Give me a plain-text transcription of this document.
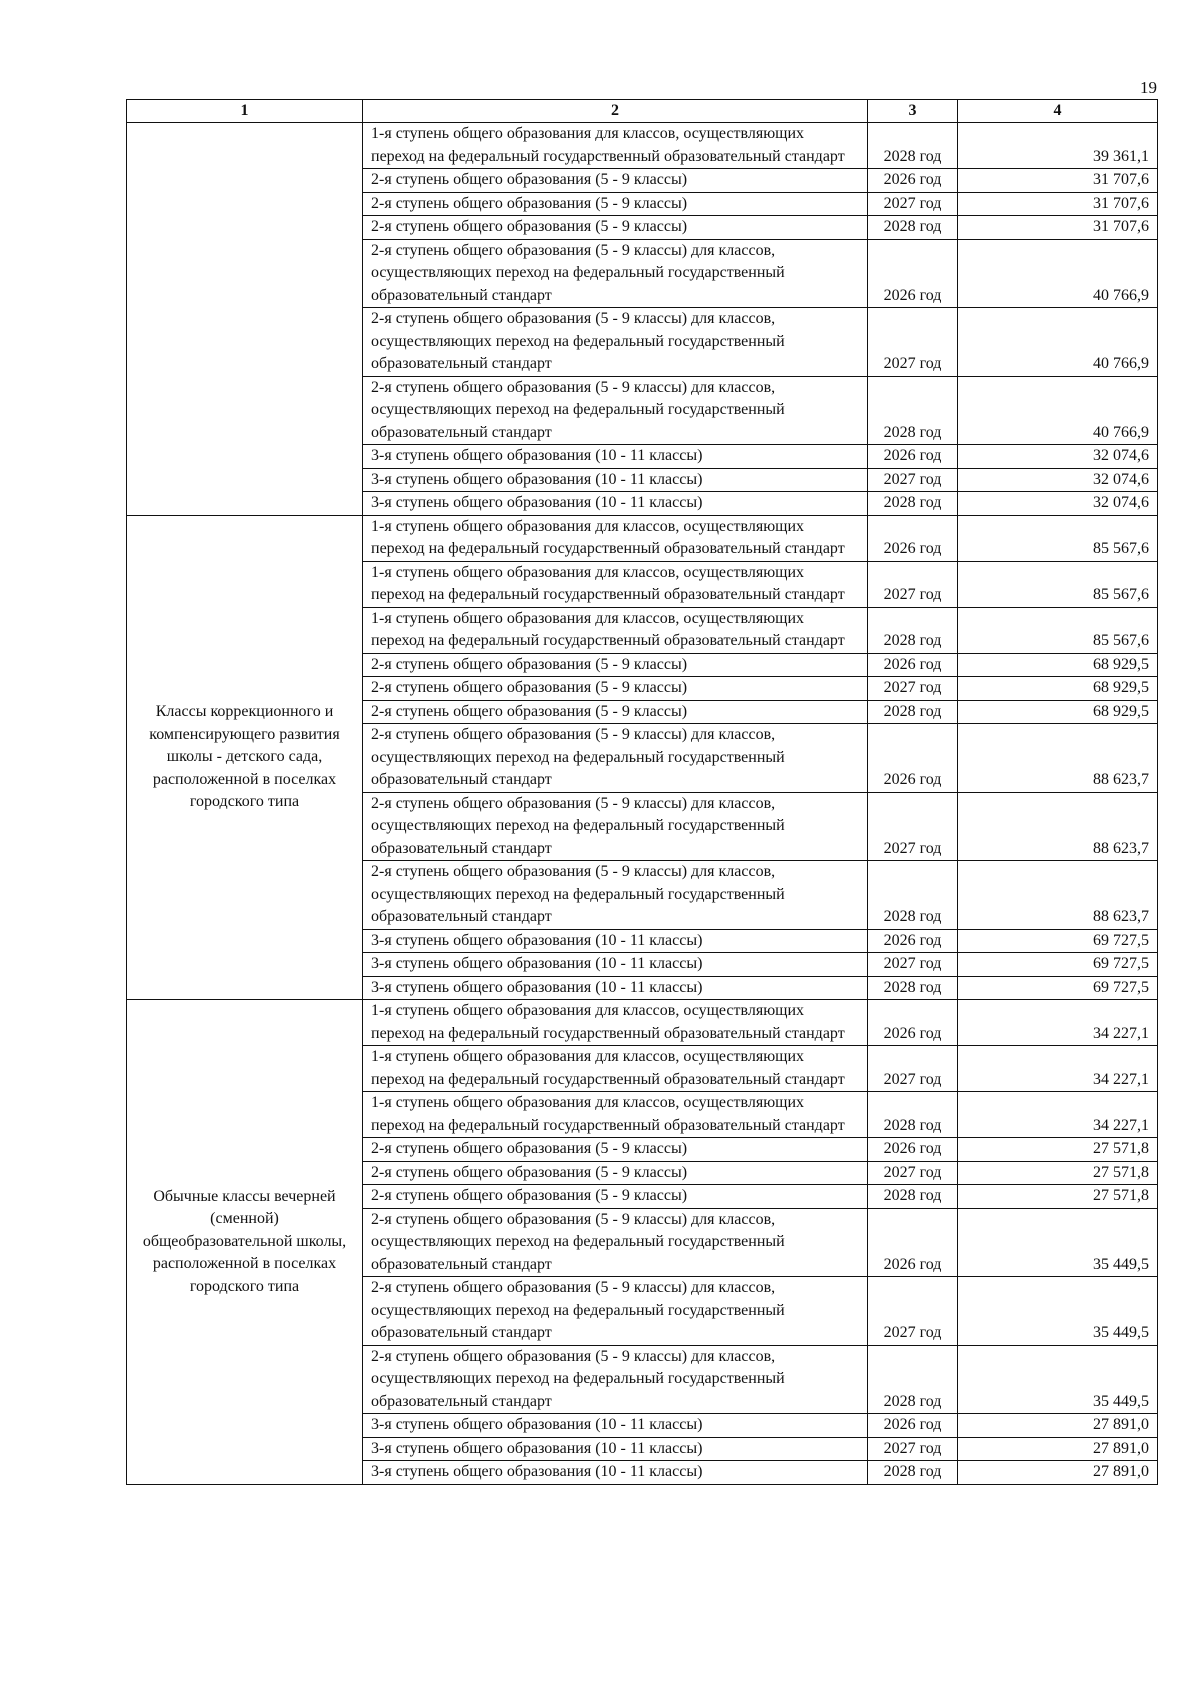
19
1	2	3	4
	1-я ступень общего образования для классов, осуществляющих переход на федеральный государственный образовательный стандарт	2028 год	39 361,1
	2-я ступень общего образования (5 - 9 классы)	2026 год	31 707,6
	2-я ступень общего образования (5 - 9 классы)	2027 год	31 707,6
	2-я ступень общего образования (5 - 9 классы)	2028 год	31 707,6
	2-я ступень общего образования (5 - 9 классы) для классов, осуществляющих переход на федеральный государственный образовательный стандарт	2026 год	40 766,9
	2-я ступень общего образования (5 - 9 классы) для классов, осуществляющих переход на федеральный государственный образовательный стандарт	2027 год	40 766,9
	2-я ступень общего образования (5 - 9 классы) для классов, осуществляющих переход на федеральный государственный образовательный стандарт	2028 год	40 766,9
	3-я ступень общего образования (10 - 11 классы)	2026 год	32 074,6
	3-я ступень общего образования (10 - 11 классы)	2027 год	32 074,6
	3-я ступень общего образования (10 - 11 классы)	2028 год	32 074,6
Классы коррекционного и компенсирующего развития школы - детского сада, расположенной в поселках городского типа	1-я ступень общего образования для классов, осуществляющих переход на федеральный государственный образовательный стандарт	2026 год	85 567,6
	1-я ступень общего образования для классов, осуществляющих переход на федеральный государственный образовательный стандарт	2027 год	85 567,6
	1-я ступень общего образования для классов, осуществляющих переход на федеральный государственный образовательный стандарт	2028 год	85 567,6
	2-я ступень общего образования (5 - 9 классы)	2026 год	68 929,5
	2-я ступень общего образования (5 - 9 классы)	2027 год	68 929,5
	2-я ступень общего образования (5 - 9 классы)	2028 год	68 929,5
	2-я ступень общего образования (5 - 9 классы) для классов, осуществляющих переход на федеральный государственный образовательный стандарт	2026 год	88 623,7
	2-я ступень общего образования (5 - 9 классы) для классов, осуществляющих переход на федеральный государственный образовательный стандарт	2027 год	88 623,7
	2-я ступень общего образования (5 - 9 классы) для классов, осуществляющих переход на федеральный государственный образовательный стандарт	2028 год	88 623,7
	3-я ступень общего образования (10 - 11 классы)	2026 год	69 727,5
	3-я ступень общего образования (10 - 11 классы)	2027 год	69 727,5
	3-я ступень общего образования (10 - 11 классы)	2028 год	69 727,5
Обычные классы вечерней (сменной) общеобразовательной школы, расположенной в поселках городского типа	1-я ступень общего образования для классов, осуществляющих переход на федеральный государственный образовательный стандарт	2026 год	34 227,1
	1-я ступень общего образования для классов, осуществляющих переход на федеральный государственный образовательный стандарт	2027 год	34 227,1
	1-я ступень общего образования для классов, осуществляющих переход на федеральный государственный образовательный стандарт	2028 год	34 227,1
	2-я ступень общего образования (5 - 9 классы)	2026 год	27 571,8
	2-я ступень общего образования (5 - 9 классы)	2027 год	27 571,8
	2-я ступень общего образования (5 - 9 классы)	2028 год	27 571,8
	2-я ступень общего образования (5 - 9 классы) для классов, осуществляющих переход на федеральный государственный образовательный стандарт	2026 год	35 449,5
	2-я ступень общего образования (5 - 9 классы) для классов, осуществляющих переход на федеральный государственный образовательный стандарт	2027 год	35 449,5
	2-я ступень общего образования (5 - 9 классы) для классов, осуществляющих переход на федеральный государственный образовательный стандарт	2028 год	35 449,5
	3-я ступень общего образования (10 - 11 классы)	2026 год	27 891,0
	3-я ступень общего образования (10 - 11 классы)	2027 год	27 891,0
	3-я ступень общего образования (10 - 11 классы)	2028 год	27 891,0
